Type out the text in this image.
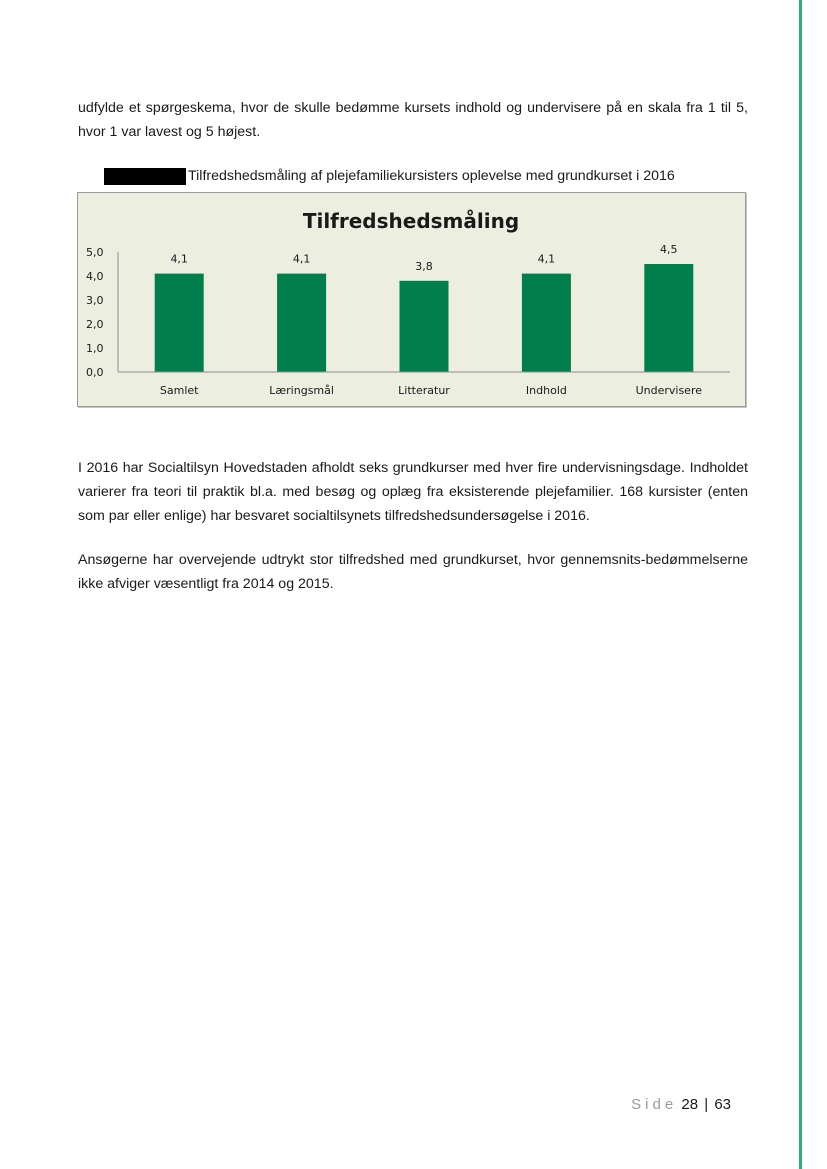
udfylde et spørgeskema, hvor de skulle bedømme kursets indhold og undervisere på en skala fra 1 til 5, hvor 1 var lavest og 5 højest.

Tilfredshedsmåling af plejefamiliekursisters oplevelse med grundkurset i 2016
Tilfredshedsmåling
0,0
1,0
2,0
3,0
4,0
5,0
4,1	4,1
3,8
4,1
4,5
Samlet	Læringsmål	Litteratur	Indhold	Undervisere

I 2016 har Socialtilsyn Hovedstaden afholdt seks grundkurser med hver fire undervisningsdage. Indholdet varierer fra teori til praktik bl.a. med besøg og oplæg fra eksisterende plejefamilier. 168 kursister (enten som par eller enlige) har besvaret socialtilsynets tilfredshedsundersøgelse i 2016.

Ansøgerne har overvejende udtrykt stor tilfredshed med grundkurset, hvor gennemsnits-bedømmelserne ikke afviger væsentligt fra 2014 og 2015.

Side 28 | 63
